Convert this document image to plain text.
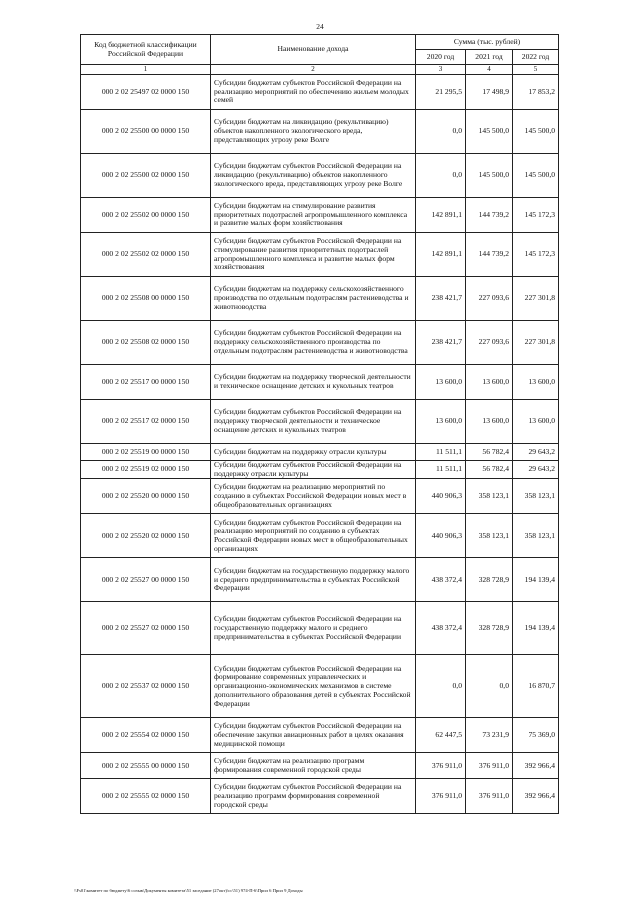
24
Код бюджетной классификации Российской Федерации	Наименование дохода	Сумма (тыс. рублей)		
		2020 год	2021 год	2022 год
1	2	3	4	5
000 2 02 25497 02 0000 150	Субсидии бюджетам субъектов Российской Федерации на реализацию мероприятий по обеспечению жильем молодых семей	21 295,5	17 498,9	17 853,2
000 2 02 25500 00 0000 150	Субсидии бюджетам на ликвидацию (рекультивацию) объектов накопленного экологического вреда, представляющих угрозу реке Волге	0,0	145 500,0	145 500,0
000 2 02 25500 02 0000 150	Субсидии бюджетам субъектов Российской Федерации на ликвидацию (рекультивацию) объектов накопленного экологического вреда, представляющих угрозу реке Волге	0,0	145 500,0	145 500,0
000 2 02 25502 00 0000 150	Субсидии бюджетам на стимулирование развития приоритетных подотраслей агропромышленного комплекса и развитие малых форм хозяйствования	142 891,1	144 739,2	145 172,3
000 2 02 25502 02 0000 150	Субсидии бюджетам субъектов Российской Федерации на стимулирование развития приоритетных подотраслей агропромышленного комплекса и развитие малых форм хозяйствования	142 891,1	144 739,2	145 172,3
000 2 02 25508 00 0000 150	Субсидии бюджетам на поддержку сельскохозяйственного производства по отдельным подотраслям растениеводства и животноводства	238 421,7	227 093,6	227 301,8
000 2 02 25508 02 0000 150	Субсидии бюджетам субъектов Российской Федерации на поддержку сельскохозяйственного производства по отдельным подотраслям растениеводства и животноводства	238 421,7	227 093,6	227 301,8
000 2 02 25517 00 0000 150	Субсидии бюджетам на поддержку творческой деятельности и техническое оснащение детских и кукольных театров	13 600,0	13 600,0	13 600,0
000 2 02 25517 02 0000 150	Субсидии бюджетам субъектов Российской Федерации на поддержку творческой деятельности и техническое оснащение детских и кукольных театров	13 600,0	13 600,0	13 600,0
000 2 02 25519 00 0000 150	Субсидии бюджетам на поддержку отрасли культуры	11 511,1	56 782,4	29 643,2
000 2 02 25519 02 0000 150	Субсидии бюджетам субъектов Российской Федерации на поддержку отрасли культуры	11 511,1	56 782,4	29 643,2
000 2 02 25520 00 0000 150	Субсидии бюджетам на реализацию мероприятий по созданию в субъектах Российской Федерации новых мест в общеобразовательных организациях	440 906,3	358 123,1	358 123,1
000 2 02 25520 02 0000 150	Субсидии бюджетам субъектов Российской Федерации на реализацию мероприятий по созданию в субъектах Российской Федерации новых мест в общеобразовательных организациях	440 906,3	358 123,1	358 123,1
000 2 02 25527 00 0000 150	Субсидии бюджетам на государственную поддержку малого и среднего предпринимательства в субъектах Российской Федерации	438 372,4	328 728,9	194 139,4
000 2 02 25527 02 0000 150	Субсидии бюджетам субъектов Российской Федерации на государственную поддержку малого и среднего предпринимательства в субъектах Российской Федерации	438 372,4	328 728,9	194 139,4
000 2 02 25537 02 0000 150	Субсидии бюджетам субъектов Российской Федерации на формирование современных управленческих и организационно-экономических механизмов в системе дополнительного образования детей в субъектах Российской Федерации	0,0	0,0	16 870,7
000 2 02 25554 02 0000 150	Субсидии бюджетам субъектов Российской Федерации на обеспечение закупки авиационных работ в целях оказания медицинской помощи	62 447,5	73 231,9	75 369,0
000 2 02 25555 00 0000 150	Субсидии бюджетам на реализацию программ формирования современной городской среды	376 911,0	376 911,0	392 966,4
000 2 02 25555 02 0000 150	Субсидии бюджетам субъектов Российской Федерации на реализацию программ формирования современной городской среды	376 911,0	376 911,0	392 966,4
\\Fs01\комитет по бюджету\6 созыв\Документы комитета\51 заседание (27окт)\сс\51) 974-П-6\Прил 6 Прил 9 Доходы
